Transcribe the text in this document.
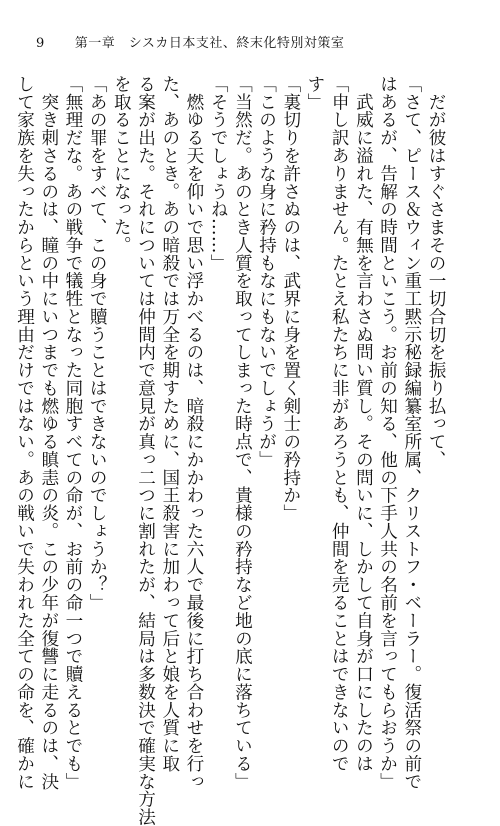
9 第一章　シスカ日本支社、終末化特別対策室
　だが彼はすぐさまその一切合切を振り払って、
「さて、ピース＆ウィン重工黙示秘録編纂室所属、クリストフ・ベーラー。復活祭の前で
はあるが、告解の時間といこう。お前の知る、他の下手人共の名前を言ってもらおうか」
　武威に溢れた、有無を言わさぬ問い質し。その問いに、しかして自身が口にしたのは
「申し訳ありません。たとえ私たちに非があろうとも、仲間を売ることはできないので
す」
「裏切りを許さぬのは、武界に身を置く剣士の矜持か」
「このような身に矜持もなにもないでしょうが」
「当然だ。あのとき人質を取ってしまった時点で、貴様の矜持など地の底に落ちている」
「そうでしょうね……」
　燃ゆる天を仰いで思い浮かべるのは、暗殺にかかわった六人で最後に打ち合わせを行っ
た、あのとき。あの暗殺では万全を期すために、国王殺害に加わって后と娘を人質に取
る案が出た。それについては仲間内で意見が真っ二つに割れたが、結局は多数決で確実な方法
を取ることになった。
「あの罪をすべて、この身で贖うことはできないのでしょうか？」
「無理だな。あの戦争で犠牲となった同胞すべての命が、お前の命一つで贖えるとでも」
　突き刺さるのは、瞳の中にいつまでも燃ゆる瞋恚の炎。この少年が復讐に走るのは、決
して家族を失ったからという理由だけではない。あの戦いで失われた全ての命を、確かに
